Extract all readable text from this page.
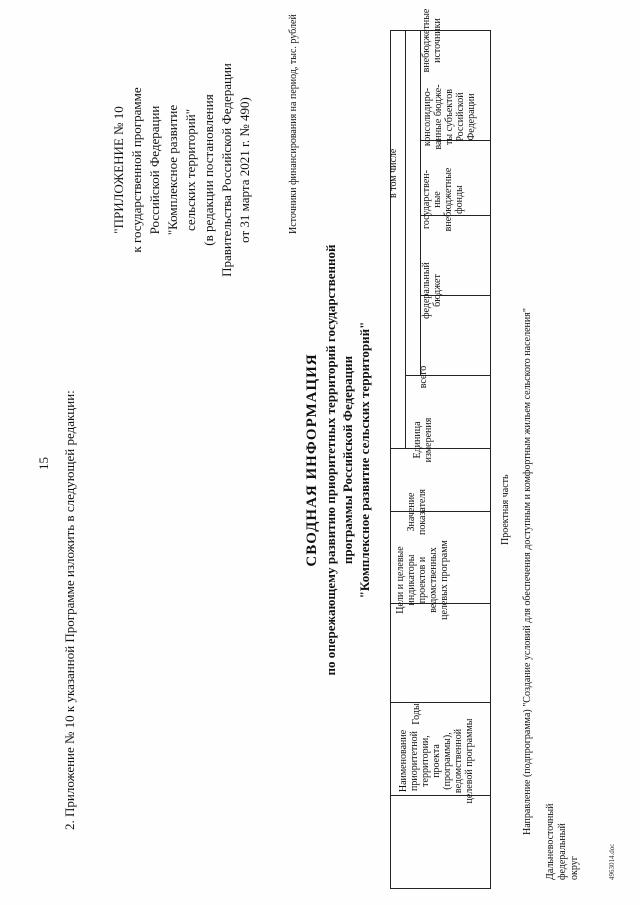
15 2. Приложение № 10 к указанной Программе изложить в следующей редакции:
"ПРИЛОЖЕНИЕ № 10 к государственной программе Российской Федерации "Комплексное развитие сельских территорий" (в редакции постановления Правительства Российской Федерации от 31 марта 2021 г. № 490)
СВОДНАЯ ИНФОРМАЦИЯ по опережающему развитию приоритетных территорий государственной программы Российской Федерации "Комплексное развитие сельских территорий"
Наименование приоритетной территории, проекта (программы), ведомственной целевой программы
Годы
Цели и целевые индикаторы проектов и ведомственных целевых программ
Значение показателя
Единица измерения
Источники финансирования на период, тыс. рублей	в том числе
всего
федеральный бюджет
государствен-ные внебюджетные фонды
консолидиро-ванные бюдже-ты субъектов Российской Федерации
внебюджетные источники
Проектная часть Направление (подпрограмма) "Создание условий для обеспечения доступным и комфортным жильем сельского населения"
Дальневосточный федеральный округ	4963014.doc
